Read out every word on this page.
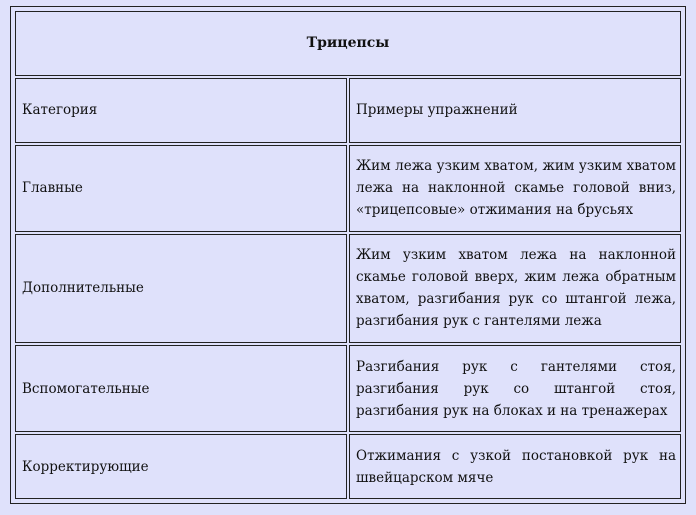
Трицепсы	
Категория	Примеры упражнений
Главные	Жим лежа узким хватом, жим узким хватом лежа на наклонной скамье головой вниз, «трицепсовые» отжимания на брусьях
Дополнительные	Жим узким хватом лежа на наклонной скамье головой вверх, жим лежа обратным хватом, разгибания рук со штангой лежа, разгибания рук с гантелями лежа
Вспомогательные	Разгибания рук с гантелями стоя, разгибания рук со штангой стоя, разгибания рук на блоках и на тренажерах
Корректирующие	Отжимания с узкой постановкой рук на швейцарском мяче
